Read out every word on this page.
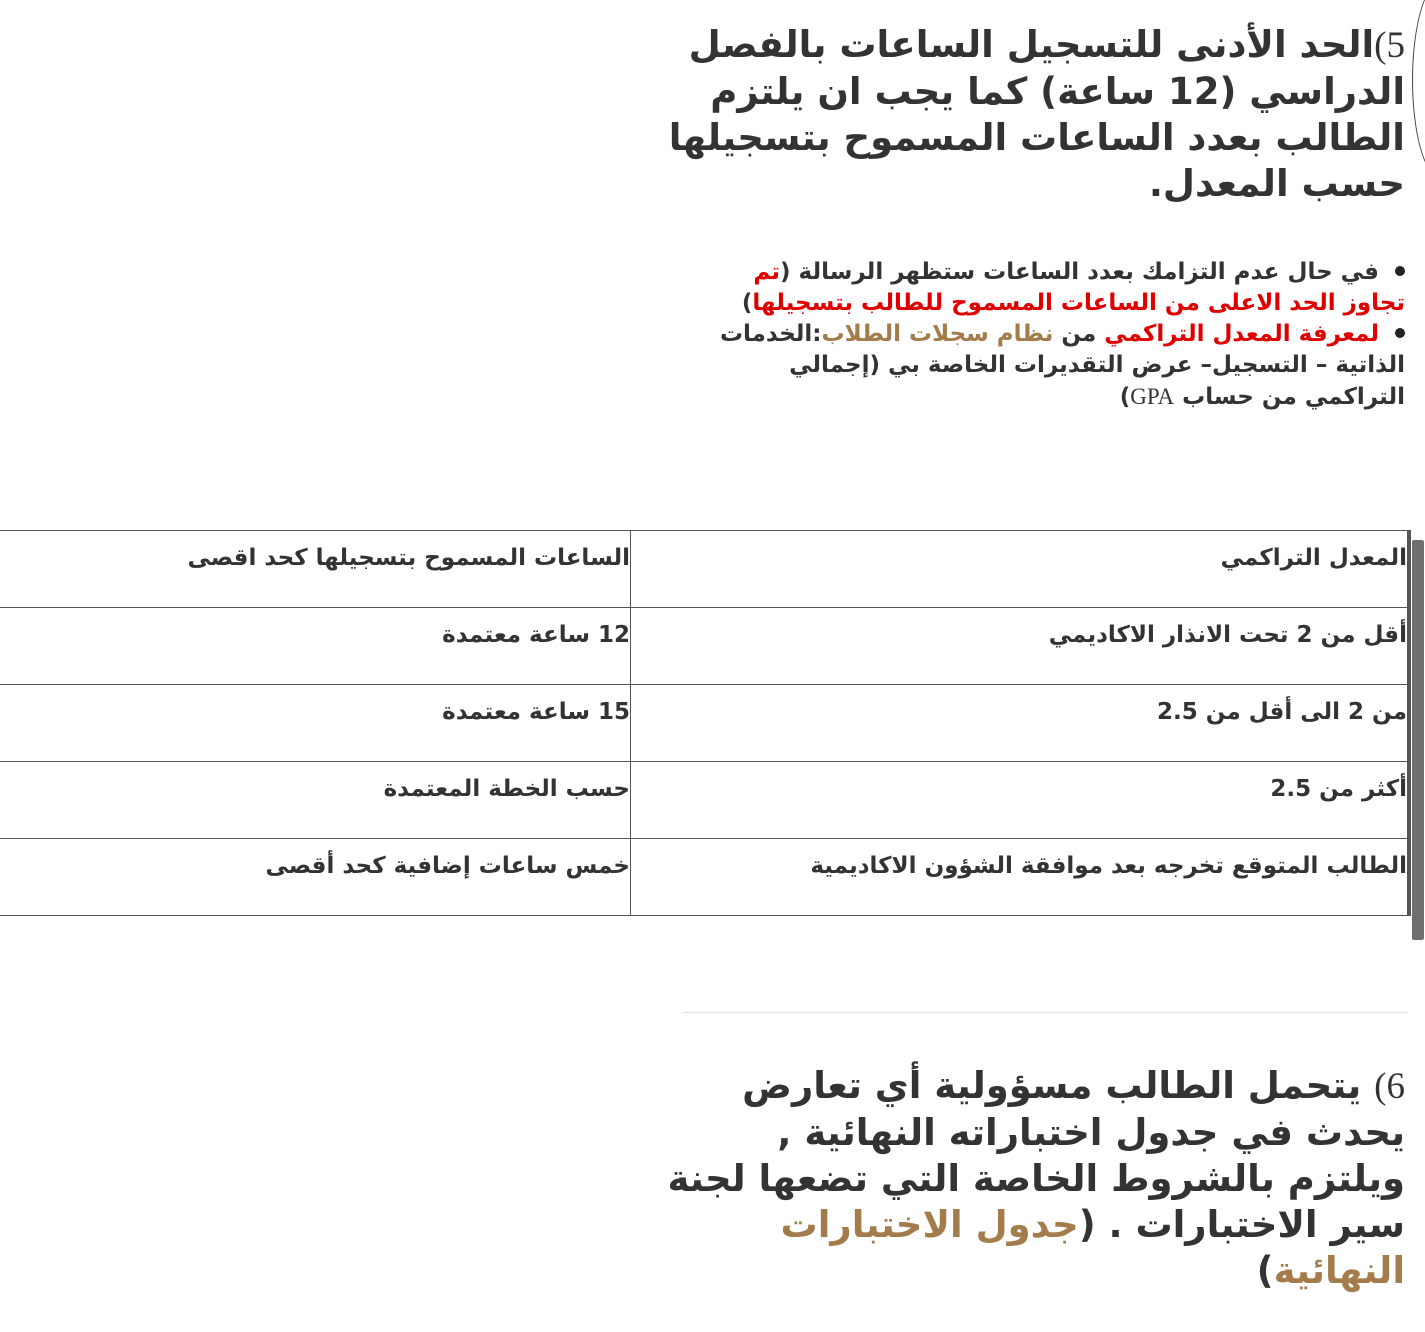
5)الحد الأدنى للتسجيل الساعات بالفصل الدراسي (12 ساعة) كما يجب ان يلتزم الطالب بعدد الساعات المسموح بتسجيلها حسب المعدل.
في حال عدم التزامك بعدد الساعات ستظهر الرسالة (تم تجاوز الحد الاعلى من الساعات المسموح للطالب بتسجيلها)
لمعرفة المعدل التراكمي من نظام سجلات الطلاب:الخدمات الذاتية – التسجيل– عرض التقديرات الخاصة بي (إجمالي التراكمي من حساب GPA)
المعدل التراكمي	الساعات المسموح بتسجيلها كحد اقصى

أقل من 2 تحت الانذار الاكاديمي	12 ساعة معتمدة

من 2 الى أقل من 2.5	15 ساعة معتمدة

أكثر من 2.5	حسب الخطة المعتمدة

الطالب المتوقع تخرجه بعد موافقة الشؤون الاكاديمية	خمس ساعات إضافية كحد أقصى
6) يتحمل الطالب مسؤولية أي تعارض يحدث في جدول اختباراته النهائية , ويلتزم بالشروط الخاصة التي تضعها لجنة سير الاختبارات . (جدول الاختبارات النهائية)
